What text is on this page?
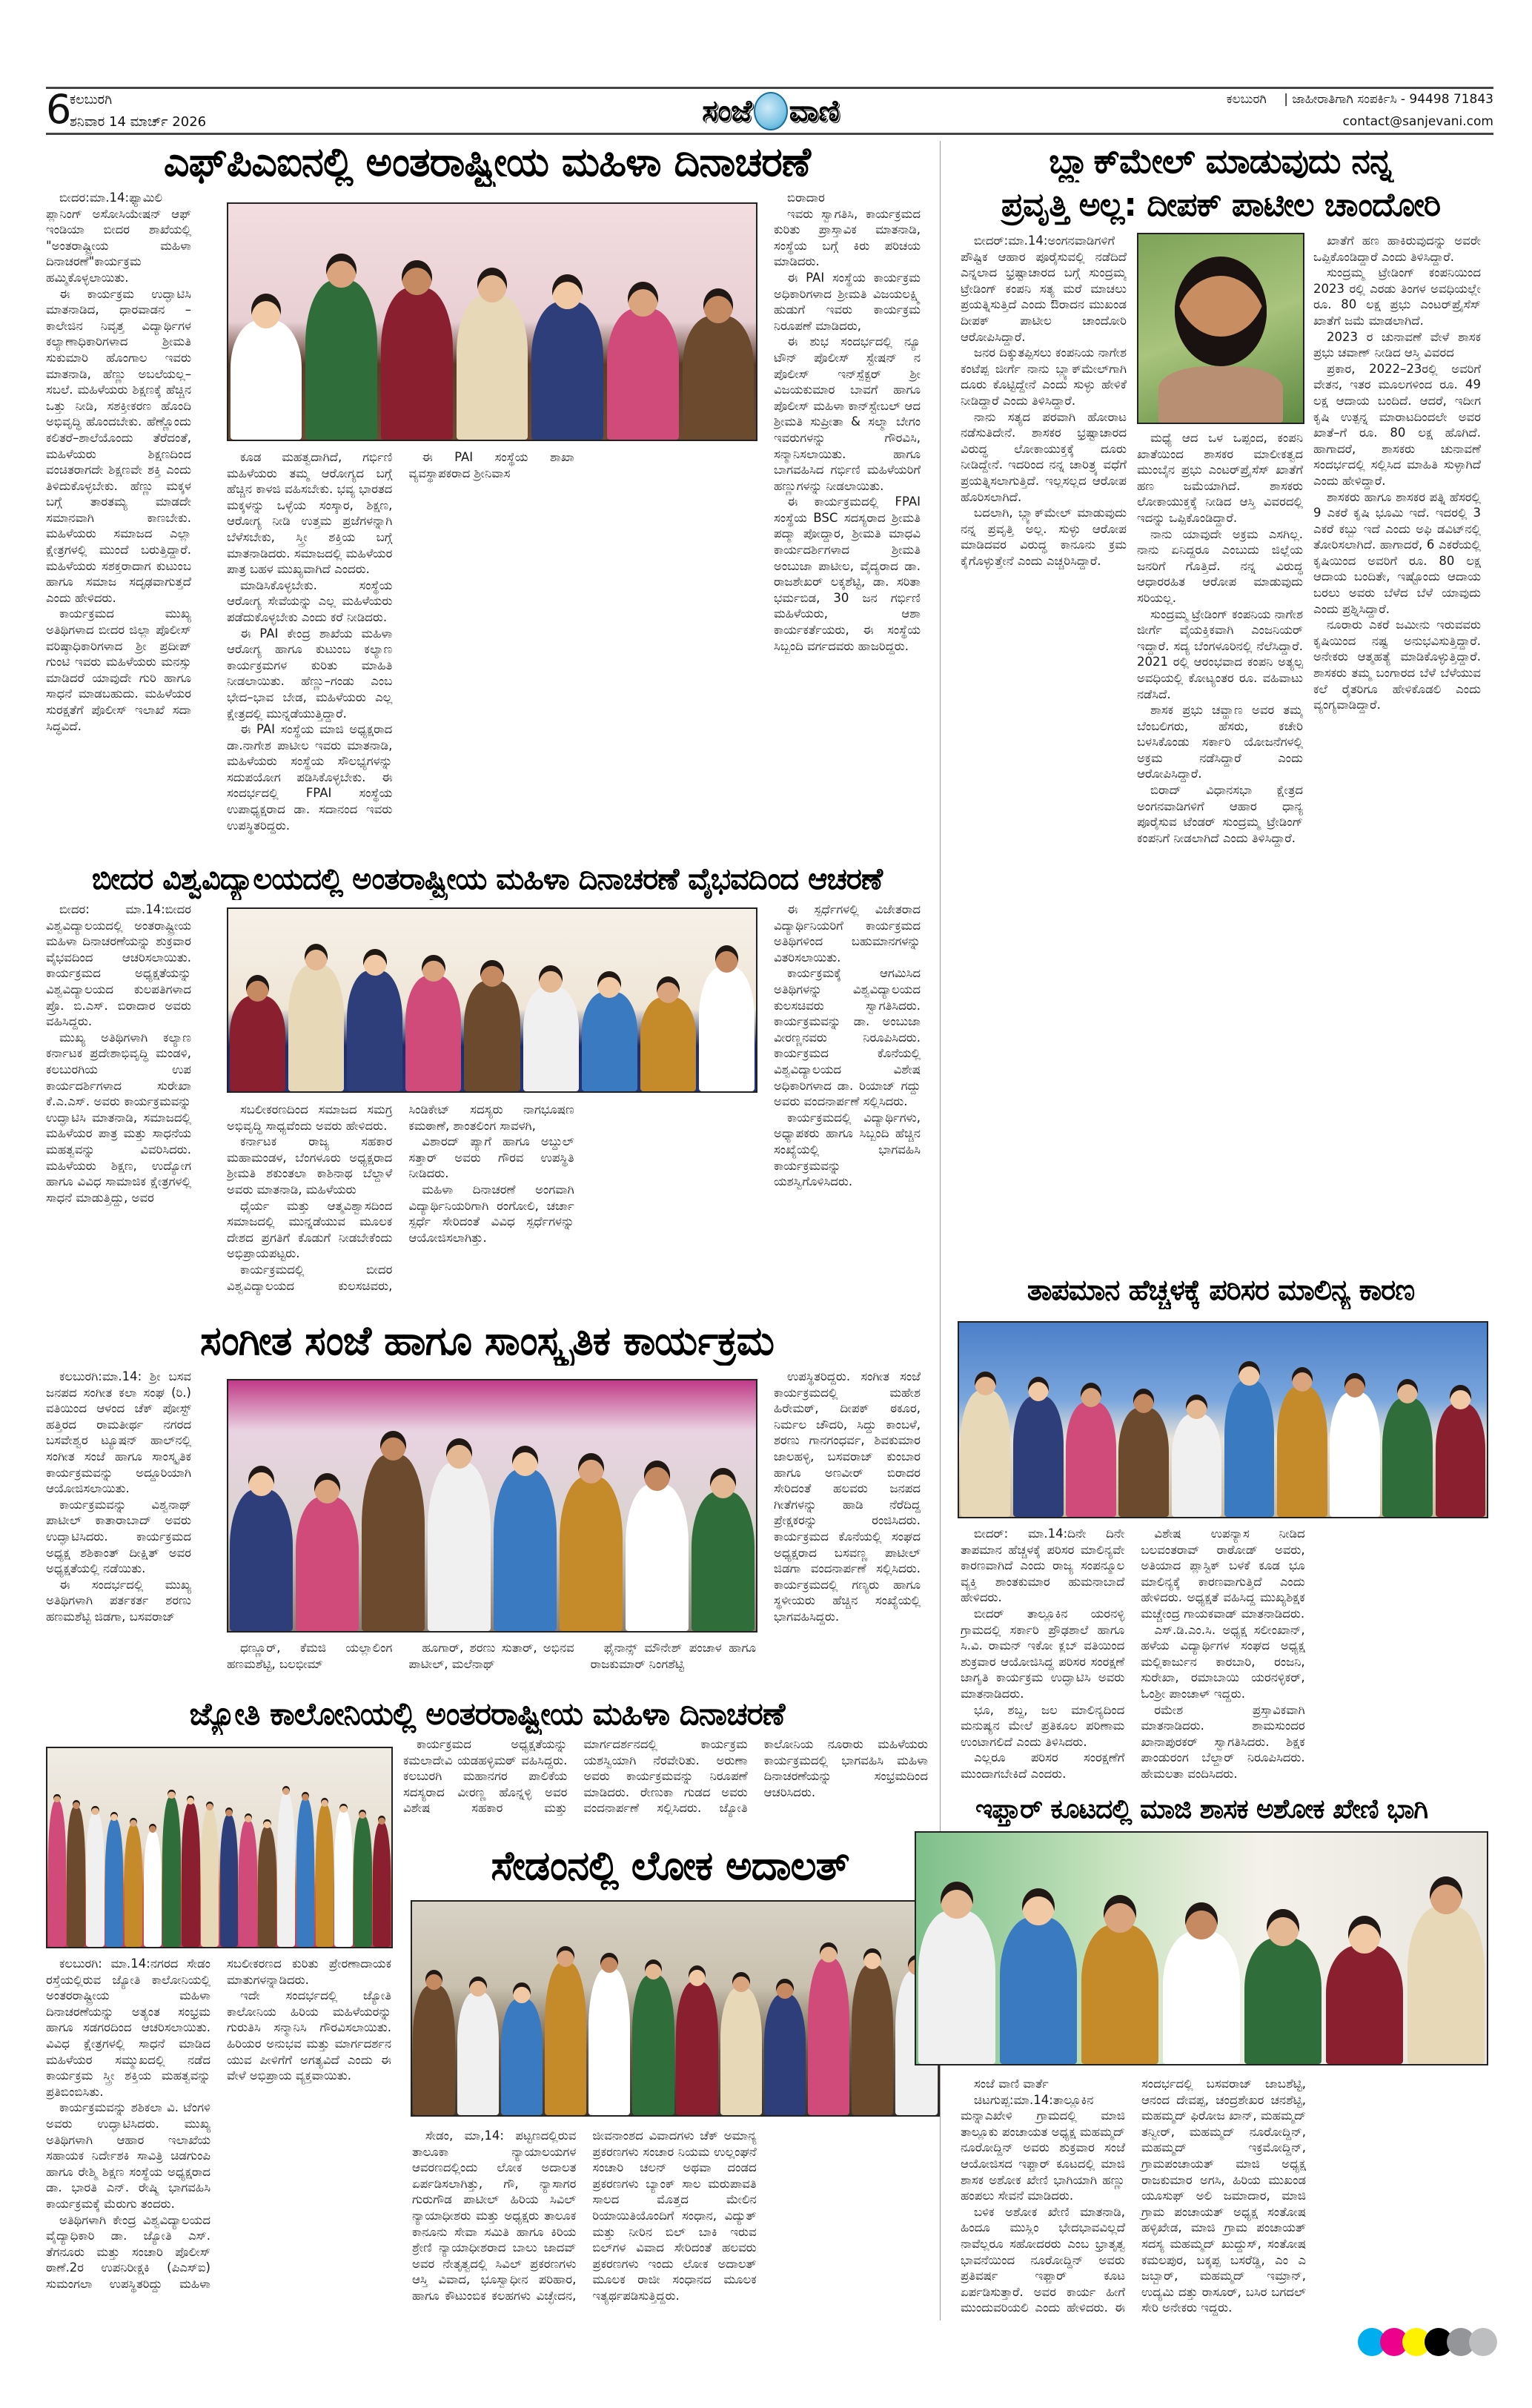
6
ಕಲಬುರಗಿ
ಶನಿವಾರ 14 ಮಾರ್ಚ್ 2026	ಸಂಜೆ ವಾಣಿ	ಕಲಬುರಗಿ | ಜಾಹೀರಾತಿಗಾಗಿ ಸಂಪರ್ಕಿಸಿ - 94498 71843
contact@sanjevani.com
ಎಫ್‌ಪಿಎಐನಲ್ಲಿ ಅಂತರಾಷ್ಟ್ರೀಯ ಮಹಿಳಾ ದಿನಾಚರಣೆ

ಬೀದರ:ಮಾ.14:ಫ್ಯಾಮಿಲಿ ಪ್ಲಾನಿಂಗ್ ಅಸೋಸಿಯೇಷನ್ ಆಫ್ ಇಂಡಿಯಾ ಬೀದರ ಶಾಖೆಯಲ್ಲಿ "ಅಂತರಾಷ್ಟ್ರೀಯ ಮಹಿಳಾ ದಿನಾಚರಣೆ"ಕಾರ್ಯಕ್ರಮ ಹಮ್ಮಿಕೊಳ್ಳಲಾಯಿತು.

ಈ ಕಾರ್ಯಕ್ರಮ ಉದ್ಘಾಟಿಸಿ ಮಾತನಾಡಿದ, ಧಾರವಾಡನ – ಕಾಲೇಜಿನ ನಿವೃತ್ತ ವಿದ್ಯಾರ್ಥಿಗಳ ಕಲ್ಯಾಣಾಧಿಕಾರಿಗಳಾದ ಶ್ರೀಮತಿ ಸುಕುಮಾರಿ ಹೊಂಗಾಲ ಇವರು ಮಾತನಾಡಿ, ಹೆಣ್ಣು ಅಬಲೆಯಲ್ಲ– ಸಬಲೆ. ಮಹಿಳೆಯರು ಶಿಕ್ಷಣಕ್ಕೆ ಹೆಚ್ಚಿನ ಒತ್ತು ನೀಡಿ, ಸಶಕ್ತೀಕರಣ ಹೊಂದಿ ಅಭಿವೃದ್ಧಿ ಹೊಂದಬೇಕು. ಹೆಣ್ಣೊಂದು ಕಲಿತರೆ–ಶಾಲೆಯೊಂದು ತೆರೆದಂತೆ, ಮಹಿಳೆಯರು ಶಿಕ್ಷಣದಿಂದ ವಂಚಿತರಾಗದೇ ಶಿಕ್ಷಣವೇ ಶಕ್ತಿ ಎಂದು ತಿಳಿದುಕೊಳ್ಳಬೇಕು. ಹೆಣ್ಣು ಮಕ್ಕಳ ಬಗ್ಗೆ ತಾರತಮ್ಯ ಮಾಡದೇ ಸಮಾನವಾಗಿ ಕಾಣಬೇಕು. ಮಹಿಳೆಯರು ಸಮಾಜದ ಎಲ್ಲಾ ಕ್ಷೇತ್ರಗಳಲ್ಲಿ ಮುಂದೆ ಬರುತ್ತಿದ್ದಾರೆ. ಮಹಿಳೆಯರು ಸಶಕ್ತರಾದಾಗ ಕುಟುಂಬ ಹಾಗೂ ಸಮಾಜ ಸದೃಢವಾಗುತ್ತದೆ ಎಂದು ಹೇಳಿದರು.

ಕಾರ್ಯಕ್ರಮದ ಮುಖ್ಯ ಅತಿಥಿಗಳಾದ ಬೀದರ ಜಿಲ್ಲಾ ಪೊಲೀಸ್ ವರಿಷ್ಠಾಧಿಕಾರಿಗಳಾದ ಶ್ರೀ ಪ್ರದೀಪ್ ಗುಂಟಿ ಇವರು ಮಹಿಳೆಯರು ಮನಸ್ಸು ಮಾಡಿದರೆ ಯಾವುದೇ ಗುರಿ ಹಾಗೂ ಸಾಧನೆ ಮಾಡಬಹುದು. ಮಹಿಳೆಯರ ಸುರಕ್ಷತೆಗೆ ಪೊಲೀಸ್ ಇಲಾಖೆ ಸದಾ ಸಿದ್ಧವಿದೆ.

ಕೂಡ ಮಹತ್ವದಾಗಿದೆ, ಗರ್ಭಿಣಿ ಮಹಿಳೆಯರು ತಮ್ಮ ಆರೋಗ್ಯದ ಬಗ್ಗೆ ಹೆಚ್ಚಿನ ಕಾಳಜಿ ವಹಿಸಬೇಕು. ಭವ್ಯ ಭಾರತದ ಮಕ್ಕಳನ್ನು ಒಳ್ಳೆಯ ಸಂಸ್ಕಾರ, ಶಿಕ್ಷಣ, ಆರೋಗ್ಯ ನೀಡಿ ಉತ್ತಮ ಪ್ರಜೆಗಳನ್ನಾಗಿ ಬೆಳೆಸಬೇಕು, ಸ್ತ್ರೀ ಶಕ್ತಿಯ ಬಗ್ಗೆ ಮಾತನಾಡಿದರು. ಸಮಾಜದಲ್ಲಿ ಮಹಿಳೆಯರ ಪಾತ್ರ ಬಹಳ ಮುಖ್ಯವಾಗಿದೆ ಎಂದರು.

ಮಾಡಿಸಿಕೊಳ್ಳಬೇಕು. ಸಂಸ್ಥೆಯ ಆರೋಗ್ಯ ಸೇವೆಯನ್ನು ಎಲ್ಲ ಮಹಿಳೆಯರು ಪಡೆದುಕೊಳ್ಳಬೇಕು ಎಂದು ಕರೆ ನೀಡಿದರು.

ಈ PAI ಕೇಂದ್ರ ಶಾಖೆಯ ಮಹಿಳಾ ಆರೋಗ್ಯ ಹಾಗೂ ಕುಟುಂಬ ಕಲ್ಯಾಣ ಕಾರ್ಯಕ್ರಮಗಳ ಕುರಿತು ಮಾಹಿತಿ ನೀಡಲಾಯಿತು. ಹೆಣ್ಣು–ಗಂಡು ಎಂಬ ಭೇದ–ಭಾವ ಬೇಡ, ಮಹಿಳೆಯರು ಎಲ್ಲ ಕ್ಷೇತ್ರದಲ್ಲಿ ಮುನ್ನಡೆಯುತ್ತಿದ್ದಾರೆ.

ಈ PAI ಸಂಸ್ಥೆಯ ಮಾಜಿ ಅಧ್ಯಕ್ಷರಾದ ಡಾ.ನಾಗೇಶ ಪಾಟೀಲ ಇವರು ಮಾತನಾಡಿ, ಮಹಿಳೆಯರು ಸಂಸ್ಥೆಯ ಸೌಲಭ್ಯಗಳನ್ನು ಸದುಪಯೋಗ ಪಡಿಸಿಕೊಳ್ಳಬೇಕು. ಈ ಸಂದರ್ಭದಲ್ಲಿ FPAI ಸಂಸ್ಥೆಯ ಉಪಾಧ್ಯಕ್ಷರಾದ ಡಾ. ಸದಾನಂದ ಇವರು ಉಪಸ್ಥಿತರಿದ್ದರು.

ಈ PAI ಸಂಸ್ಥೆಯ ಶಾಖಾ ವ್ಯವಸ್ಥಾಪಕರಾದ ಶ್ರೀನಿವಾಸ

ಬಿರಾದಾರ

ಇವರು ಸ್ವಾಗತಿಸಿ, ಕಾರ್ಯಕ್ರಮದ ಕುರಿತು ಪ್ರಾಸ್ತಾವಿಕ ಮಾತನಾಡಿ, ಸಂಸ್ಥೆಯ ಬಗ್ಗೆ ಕಿರು ಪರಿಚಯ ಮಾಡಿದರು.

ಈ PAI ಸಂಸ್ಥೆಯ ಕಾರ್ಯಕ್ರಮ ಅಧಿಕಾರಿಗಳಾದ ಶ್ರೀಮತಿ ವಿಜಯಲಕ್ಷ್ಮಿ ಹುಡುಗೆ ಇವರು ಕಾರ್ಯಕ್ರಮ ನಿರೂಪಣೆ ಮಾಡಿದರು,

ಈ ಶುಭ ಸಂದರ್ಭದಲ್ಲಿ ನ್ಯೂ ಟೌನ್ ಪೊಲೀಸ್ ಸ್ಟೇಷನ್ ನ ಪೊಲೀಸ್ ಇನ್‌ಸ್ಪೆಕ್ಟರ್ ಶ್ರೀ ವಿಜಯಕುಮಾರ ಬಾವಗೆ ಹಾಗೂ ಪೊಲೀಸ್ ಮಹಿಳಾ ಕಾನ್‌ಸ್ಟೇಬಲ್ ಆದ ಶ್ರೀಮತಿ ಸುಪ್ರೀತಾ & ಸಲ್ಮಾ ಬೇಗಂ ಇವರುಗಳನ್ನು ಗೌರವಿಸಿ, ಸನ್ಮಾನಿಸಲಾಯಿತು. ಹಾಗೂ ಬಾಗವಹಿಸಿದ ಗರ್ಭಿಣಿ ಮಹಿಳೆಯರಿಗೆ ಹಣ್ಣುಗಳನ್ನು ನೀಡಲಾಯಿತು.

ಈ ಕಾರ್ಯಕ್ರಮದಲ್ಲಿ FPAI ಸಂಸ್ಥೆಯ BSC ಸದಸ್ಯರಾದ ಶ್ರೀಮತಿ ಪದ್ಮಾ ಪೋದ್ದಾರ, ಶ್ರೀಮತಿ ಮಾಧವಿ ಕಾರ್ಯದರ್ಶಿಗಳಾದ ಶ್ರೀಮತಿ ಅಂಬುಜಾ ಪಾಟೀಲ, ವೈದ್ಯರಾದ ಡಾ. ರಾಜಶೇಖರ್ ಲಕ್ಕಶೆಟ್ಟಿ, ಡಾ. ಸರಿತಾ ಭರ್ಮಬಿಡ, 30 ಜನ ಗರ್ಭಿಣಿ ಮಹಿಳೆಯರು, ಆಶಾ ಕಾರ್ಯಕರ್ತೆಯರು, ಈ ಸಂಸ್ಥೆಯ ಸಿಬ್ಬಂದಿ ವರ್ಗದವರು ಹಾಜರಿದ್ದರು.

ಬ್ಲ್ಯಾಕ್‌ಮೇಲ್ ಮಾಡುವುದು ನನ್ನ
ಪ್ರವೃತ್ತಿ ಅಲ್ಲ: ದೀಪಕ್ ಪಾಟೀಲ ಚಾಂದೋರಿ

ಬೀದರ್:ಮಾ.14:ಅಂಗನವಾಡಿಗಳಿಗೆ ಪೌಷ್ಟಿಕ ಆಹಾರ ಪೂರೈಸುವಲ್ಲಿ ನಡೆದಿದೆ ಎನ್ನಲಾದ ಭ್ರಷ್ಟಾಚಾರದ ಬಗ್ಗೆ ಸುಂದ್ರಮ್ಮ ಟ್ರೇಡಿಂಗ್ ಕಂಪನಿ ಸತ್ಯ ಮರೆ ಮಾಚಲು ಪ್ರಯತ್ನಿಸುತ್ತಿದೆ ಎಂದು ಔರಾದನ ಮುಖಂಡ ದೀಪಕ್ ಪಾಟೀಲ ಚಾಂದೋರಿ ಆರೋಪಿಸಿದ್ದಾರೆ.

ಜನರ ದಿಕ್ಕುತಪ್ಪಿಸಲು ಕಂಪನಿಯ ನಾಗೇಶ ಕಂಟೆಪ್ಪ ಜೀರ್ಗೆ ನಾನು ಬ್ಲ್ಯಾಕ್‌ಮೇಲ್‌ಗಾಗಿ ದೂರು ಕೊಟ್ಟಿದ್ದೇನೆ ಎಂದು ಸುಳ್ಳು ಹೇಳಿಕೆ ನೀಡಿದ್ದಾರೆ ಎಂದು ತಿಳಿಸಿದ್ದಾರೆ.

ನಾನು ಸತ್ಯದ ಪರವಾಗಿ ಹೋರಾಟ ನಡೆಸುತಿದೇನೆ. ಶಾಸಕರ ಭ್ರಷ್ಟಾಚಾರದ ವಿರುದ್ಧ ಲೋಕಾಯುಕ್ತಕ್ಕೆ ದೂರು ನೀಡಿದ್ದೇನೆ. ಇದರಿಂದ ನನ್ನ ಚಾರಿತ್ರ್ಯ ವಧೆಗೆ ಪ್ರಯತ್ನಿಸಲಾಗುತ್ತಿದೆ. ಇಲ್ಲಸಲ್ಲದ ಆರೋಪ ಹೊರಿಸಲಾಗಿದೆ.

ಬದಲಾಗಿ, ಬ್ಲ್ಯಾಕ್‌ಮೇಲ್ ಮಾಡುವುದು ನನ್ನ ಪ್ರವೃತ್ತಿ ಅಲ್ಲ. ಸುಳ್ಳು ಆರೋಪ ಮಾಡಿದವರ ವಿರುದ್ಧ ಕಾನೂನು ಕ್ರಮ ಕೈಗೊಳ್ಳುತ್ತೇನೆ ಎಂದು ಎಚ್ಚರಿಸಿದ್ದಾರೆ.

ಮಧ್ಯೆ ಆದ ಒಳ ಒಪ್ಪಂದ, ಕಂಪನಿ ಖಾತೆಯಿಂದ ಶಾಸಕರ ಮಾಲೀಕತ್ವದ ಮುಂಬೈನ ಪ್ರಭು ಎಂಟರ್‌ಪ್ರೈಸೆಸ್ ಖಾತೆಗೆ ಹಣ ಜಮೆಯಾಗಿದೆ. ಶಾಸಕರು ಲೋಕಾಯುಕ್ತಕ್ಕೆ ನೀಡಿದ ಆಸ್ತಿ ವಿವರದಲ್ಲಿ ಇದನ್ನು ಒಪ್ಪಿಕೊಂಡಿದ್ದಾರೆ.

ನಾನು ಯಾವುದೇ ಅಕ್ರಮ ಎಸಗಿಲ್ಲ. ನಾನು ಏನಿದ್ದರೂ ಎಂಬುದು ಜಿಲ್ಲೆಯ ಜನರಿಗೆ ಗೊತ್ತಿದೆ. ನನ್ನ ವಿರುದ್ಧ ಆಧಾರರಹಿತ ಆರೋಪ ಮಾಡುವುದು ಸರಿಯಲ್ಲ.

ಸುಂದ್ರಮ್ಮ ಟ್ರೇಡಿಂಗ್ ಕಂಪನಿಯ ನಾಗೇಶ ಜೀರ್ಗೆ ವೈಯಕ್ತಿಕವಾಗಿ ಎಂಜನಿಯರ್ ಇದ್ದಾರೆ. ಸದ್ಯ ಬೆಂಗಳೂರಿನಲ್ಲಿ ನೆಲೆಸಿದ್ದಾರೆ. 2021 ರಲ್ಲಿ ಆರಂಭವಾದ ಕಂಪನಿ ಅತ್ಯಲ್ಪ ಅವಧಿಯಲ್ಲಿ ಕೋಟ್ಯಂತರ ರೂ. ವಹಿವಾಟು ನಡೆಸಿದೆ.

ಶಾಸಕ ಪ್ರಭು ಚವ್ಹಾಣ ಅವರ ತಮ್ಮ ಬೆಂಬಲಿಗರು, ಹೆಸರು, ಕಚೇರಿ ಬಳಸಿಕೊಂಡು ಸರ್ಕಾರಿ ಯೋಜನೆಗಳಲ್ಲಿ ಅಕ್ರಮ ನಡೆಸಿದ್ದಾರೆ ಎಂದು ಆರೋಪಿಸಿದ್ದಾರೆ.

ಬಿರಾದ್ ವಿಧಾನಸಭಾ ಕ್ಷೇತ್ರದ ಅಂಗನವಾಡಿಗಳಿಗೆ ಆಹಾರ ಧಾನ್ಯ ಪೂರೈಸುವ ಟೆಂಡರ್ ಸುಂದ್ರಮ್ಮ ಟ್ರೇಡಿಂಗ್ ಕಂಪನಿಗೆ ನೀಡಲಾಗಿದೆ ಎಂದು ತಿಳಿಸಿದ್ದಾರೆ.

ಖಾತೆಗೆ ಹಣ ಹಾಕಿರುವುದನ್ನು ಅವರೇ ಒಪ್ಪಿಕೊಂಡಿದ್ದಾರೆ ಎಂದು ತಿಳಿಸಿದ್ದಾರೆ.

ಸುಂದ್ರಮ್ಮ ಟ್ರೇಡಿಂಗ್ ಕಂಪನಿಯಿಂದ 2023 ರಲ್ಲಿ ಎರಡು ತಿಂಗಳ ಅವಧಿಯಲ್ಲೇ ರೂ. 80 ಲಕ್ಷ ಪ್ರಭು ಎಂಟರ್‌ಪ್ರೈಸೆಸ್ ಖಾತೆಗೆ ಜಮೆ ಮಾಡಲಾಗಿದೆ.

2023 ರ ಚುನಾವಣೆ ವೇಳೆ ಶಾಸಕ ಪ್ರಭು ಚವಾಣ್ ನೀಡಿದ ಆಸ್ತಿ ವಿವರದ

ಪ್ರಕಾರ, 2022–23ರಲ್ಲಿ ಅವರಿಗೆ ವೇತನ, ಇತರ ಮೂಲಗಳಿಂದ ರೂ. 49 ಲಕ್ಷ ಆದಾಯ ಬಂದಿದೆ. ಆದರೆ, ಇದೀಗ ಕೃಷಿ ಉತ್ಪನ್ನ ಮಾರಾಟದಿಂದಲೇ ಅವರ ಖಾತೆ–ಗೆ ರೂ. 80 ಲಕ್ಷ ಹೊಗಿದೆ. ಹಾಗಾದರೆ, ಶಾಸಕರು ಚುನಾವಣೆ ಸಂದರ್ಭದಲ್ಲಿ ಸಲ್ಲಿಸಿದ ಮಾಹಿತಿ ಸುಳ್ಳಾಗಿದೆ ಎಂದು ಹೇಳಿದ್ದಾರೆ.

ಶಾಸಕರು ಹಾಗೂ ಶಾಸಕರ ಪತ್ನಿ ಹೆಸರಲ್ಲಿ 9 ಎಕರೆ ಕೃಷಿ ಭೂಮಿ ಇದೆ. ಇದರಲ್ಲಿ 3 ಎಕರೆ ಕಬ್ಬು ಇದೆ ಎಂದು ಅಫಿ ಡವಿಟ್‌ನಲ್ಲಿ ತೋರಿಸಲಾಗಿದೆ. ಹಾಗಾದರೆ, 6 ಎಕರೆಯಲ್ಲಿ ಕೃಷಿಯಿಂದ ಅವರಿಗೆ ರೂ. 80 ಲಕ್ಷ ಆದಾಯ ಬಂದಿತೇ, ಇಷ್ಟೊಂದು ಆದಾಯ ಬರಲು ಅವರು ಬೆಳೆದ ಬೆಳೆ ಯಾವುದು ಎಂದು ಪ್ರಶ್ನಿಸಿದ್ದಾರೆ.

ನೂರಾರು ಎಕರೆ ಜಮೀನು ಇರುವವರು ಕೃಷಿಯಿಂದ ನಷ್ಟ ಅನುಭವಿಸುತ್ತಿದ್ದಾರೆ. ಅನೇಕರು ಆತ್ಮಹತ್ಯೆ ಮಾಡಿಕೊಳ್ಳುತ್ತಿದ್ದಾರೆ. ಶಾಸಕರು ತಮ್ಮ ಬಂಗಾರದ ಬೆಳೆ ಬೆಳೆಯುವ ಕಲೆ ರೈತರಿಗೂ ಹೇಳಿಕೊಡಲಿ ಎಂದು ವ್ಯಂಗ್ಯವಾಡಿದ್ದಾರೆ.

ಬೀದರ ವಿಶ್ವವಿದ್ಯಾಲಯದಲ್ಲಿ ಅಂತರಾಷ್ಟ್ರೀಯ ಮಹಿಳಾ ದಿನಾಚರಣೆ ವೈಭವದಿಂದ ಆಚರಣೆ

ಬೀದರ: ಮಾ.14:ಬೀದರ ವಿಶ್ವವಿದ್ಯಾಲಯದಲ್ಲಿ ಅಂತರಾಷ್ಟ್ರೀಯ ಮಹಿಳಾ ದಿನಾಚರಣೆಯನ್ನು ಶುಕ್ರವಾರ ವೈಭವದಿಂದ ಆಚರಿಸಲಾಯಿತು. ಕಾರ್ಯಕ್ರಮದ ಅಧ್ಯಕ್ಷತೆಯನ್ನು ವಿಶ್ವವಿದ್ಯಾಲಯದ ಕುಲಪತಿಗಳಾದ ಪ್ರೊ. ಬಿ.ಎಸ್. ಬಿರಾದಾರ ಅವರು ವಹಿಸಿದ್ದರು.

ಮುಖ್ಯ ಅತಿಥಿಗಳಾಗಿ ಕಲ್ಯಾಣ ಕರ್ನಾಟಕ ಪ್ರದೇಶಾಭಿವೃದ್ಧಿ ಮಂಡಳಿ, ಕಲಬುರಗಿಯ ಉಪ ಕಾರ್ಯದರ್ಶಿಗಳಾದ ಸುರೇಖಾ ಕೆ.ಎ.ಎಸ್. ಅವರು ಕಾರ್ಯಕ್ರಮವನ್ನು ಉದ್ಘಾಟಿಸಿ ಮಾತನಾಡಿ, ಸಮಾಜದಲ್ಲಿ ಮಹಿಳೆಯರ ಪಾತ್ರ ಮತ್ತು ಸಾಧನೆಯ ಮಹತ್ವವನ್ನು ವಿವರಿಸಿದರು. ಮಹಿಳೆಯರು ಶಿಕ್ಷಣ, ಉದ್ಯೋಗ ಹಾಗೂ ವಿವಿಧ ಸಾಮಾಜಿಕ ಕ್ಷೇತ್ರಗಳಲ್ಲಿ ಸಾಧನೆ ಮಾಡುತ್ತಿದ್ದು, ಅವರ

ಸಬಲೀಕರಣದಿಂದ ಸಮಾಜದ ಸಮಗ್ರ ಅಭಿವೃದ್ಧಿ ಸಾಧ್ಯವೆಂದು ಅವರು ಹೇಳಿದರು.

ಕರ್ನಾಟಕ ರಾಜ್ಯ ಸಹಕಾರ ಮಹಾಮಂಡಳ, ಬೆಂಗಳೂರು ಅಧ್ಯಕ್ಷರಾದ ಶ್ರೀಮತಿ ಶಕುಂತಲಾ ಕಾಶಿನಾಥ ಬೆಲ್ದಾಳೆ ಅವರು ಮಾತನಾಡಿ, ಮಹಿಳೆಯರು

ಧೈರ್ಯ ಮತ್ತು ಆತ್ಮವಿಶ್ವಾಸದಿಂದ ಸಮಾಜದಲ್ಲಿ ಮುನ್ನಡೆಯುವ ಮೂಲಕ ದೇಶದ ಪ್ರಗತಿಗೆ ಕೊಡುಗೆ ನೀಡಬೇಕೆಂದು ಅಭಿಪ್ರಾಯಪಟ್ಟರು.

ಕಾರ್ಯಕ್ರಮದಲ್ಲಿ ಬೀದರ ವಿಶ್ವವಿದ್ಯಾಲಯದ ಕುಲಸಚಿವರು, ಸಿಂಡಿಕೇಟ್ ಸದಸ್ಯರು ನಾಗಭೂಷಣ ಕಮಠಾಣೆ, ಶಾಂತಲಿಂಗ ಸಾವಳಗಿ,

ವಿಶಾರದ್ ಪ್ಯಾಗೆ ಹಾಗೂ ಅಬ್ದುಲ್ ಸತ್ತಾರ್ ಅವರು ಗೌರವ ಉಪಸ್ಥಿತಿ ನೀಡಿದರು.

ಮಹಿಳಾ ದಿನಾಚರಣೆ ಅಂಗವಾಗಿ ವಿದ್ಯಾರ್ಥಿನಿಯರಿಗಾಗಿ ರಂಗೋಲಿ, ಚರ್ಚಾ ಸ್ಪರ್ಧೆ ಸೇರಿದಂತೆ ವಿವಿಧ ಸ್ಪರ್ಧೆಗಳನ್ನು ಆಯೋಜಿಸಲಾಗಿತ್ತು.

ಈ ಸ್ಪರ್ಧೆಗಳಲ್ಲಿ ವಿಜೇತರಾದ ವಿದ್ಯಾರ್ಥಿನಿಯರಿಗೆ ಕಾರ್ಯಕ್ರಮದ ಅತಿಥಿಗಳಿಂದ ಬಹುಮಾನಗಳನ್ನು ವಿತರಿಸಲಾಯಿತು.

ಕಾರ್ಯಕ್ರಮಕ್ಕೆ ಆಗಮಿಸಿದ ಅತಿಥಿಗಳನ್ನು ವಿಶ್ವವಿದ್ಯಾಲಯದ ಕುಲಸಚಿವರು ಸ್ವಾಗತಿಸಿದರು. ಕಾರ್ಯಕ್ರಮವನ್ನು ಡಾ. ಅಂಬುಜಾ ವೀರಣ್ಣನವರು ನಿರೂಪಿಸಿದರು. ಕಾರ್ಯಕ್ರಮದ ಕೊನೆಯಲ್ಲಿ ವಿಶ್ವವಿದ್ಯಾಲಯದ ವಿಶೇಷ ಅಧಿಕಾರಿಗಳಾದ ಡಾ. ರಿಯಾಜ್ ಗದ್ದು ಅವರು ವಂದನಾರ್ಪಣೆ ಸಲ್ಲಿಸಿದರು.

ಕಾರ್ಯಕ್ರಮದಲ್ಲಿ ವಿದ್ಯಾರ್ಥಿಗಳು, ಅಧ್ಯಾಪಕರು ಹಾಗೂ ಸಿಬ್ಬಂದಿ ಹೆಚ್ಚಿನ ಸಂಖ್ಯೆಯಲ್ಲಿ ಭಾಗವಹಿಸಿ ಕಾರ್ಯಕ್ರಮವನ್ನು ಯಶಸ್ವಿಗೊಳಿಸಿದರು.

ತಾಪಮಾನ ಹೆಚ್ಚಳಕ್ಕೆ ಪರಿಸರ ಮಾಲಿನ್ಯ ಕಾರಣ

ಬೀದರ್: ಮಾ.14:ದಿನೇ ದಿನೇ ತಾಪಮಾನ ಹೆಚ್ಚಳಕ್ಕೆ ಪರಿಸರ ಮಾಲಿನ್ಯವೇ ಕಾರಣವಾಗಿದೆ ಎಂದು ರಾಜ್ಯ ಸಂಪನ್ಮೂಲ ವ್ಯಕ್ತಿ ಶಾಂತಕುಮಾರ ಹುಮನಾಬಾದೆ ಹೇಳಿದರು.

ಬೀದರ್ ತಾಲ್ಲೂಕಿನ ಯರನಳ್ಳಿ ಗ್ರಾಮದಲ್ಲಿ ಸರ್ಕಾರಿ ಪ್ರೌಢಶಾಲೆ ಹಾಗೂ ಸಿ.ವಿ. ರಾಮನ್ ಇಕೋ ಕ್ಲಬ್ ವತಿಯಿಂದ ಶುಕ್ರವಾರ ಆಯೋಜಿಸಿದ್ದ ಪರಿಸರ ಸಂರಕ್ಷಣೆ ಜಾಗೃತಿ ಕಾರ್ಯಕ್ರಮ ಉದ್ಘಾಟಿಸಿ ಅವರು ಮಾತನಾಡಿದರು.

ಭೂ, ಶಬ್ದ, ಜಲ ಮಾಲಿನ್ಯದಿಂದ ಮನುಷ್ಯನ ಮೇಲೆ ಪ್ರತಿಕೂಲ ಪರಿಣಾಮ ಉಂಟಾಗಲಿದೆ ಎಂದು ತಿಳಿಸಿದರು.

ಎಲ್ಲರೂ ಪರಿಸರ ಸಂರಕ್ಷಣೆಗೆ ಮುಂದಾಗಬೇಕಿದೆ ಎಂದರು.

ವಿಶೇಷ ಉಪನ್ಯಾಸ ನೀಡಿದ ಬಲವಂತರಾವ್ ರಾಠೋಡ್ ಅವರು, ಅತಿಯಾದ ಪ್ಲಾಸ್ಟಿಕ್ ಬಳಕೆ ಕೂಡ ಭೂ ಮಾಲಿನ್ಯಕ್ಕೆ ಕಾರಣವಾಗುತ್ತಿದೆ ಎಂದು ಹೇಳಿದರು. ಅಧ್ಯಕ್ಷತೆ ವಹಿಸಿದ್ದ ಮುಖ್ಯಶಿಕ್ಷಕ ಮಚ್ಚೇಂದ್ರ ಗಾಯಕವಾಡ್ ಮಾತನಾಡಿದರು.

ಎಸ್.ಡಿ.ಎಂ.ಸಿ. ಅಧ್ಯಕ್ಷ ಸಲೀಂಖಾನ್, ಹಳೆಯ ವಿದ್ಯಾರ್ಥಿಗಳ ಸಂಘದ ಅಧ್ಯಕ್ಷ ಮಲ್ಲಿಕಾರ್ಜುನ ಕಾರಬಾರಿ, ರಂಜನಿ, ಸುರೇಖಾ, ರಮಾಬಾಯಿ ಯರನಳ್ಳಿಕರ್, ಓಂಶ್ರೀ ಪಾಂಚಾಳ್ ಇದ್ದರು.

ರಮೇಶ ಪ್ರಸ್ತಾವಿಕವಾಗಿ ಮಾತನಾಡಿದರು. ಶಾಮಸುಂದರ ಖಾನಾಪುರಕರ್ ಸ್ವಾಗತಿಸಿದರು. ಶಿಕ್ಷಕ ಪಾಂಡುರಂಗ ಬೆಲ್ದಾರ್ ನಿರೂಪಿಸಿದರು. ಹೇಮಲತಾ ವಂದಿಸಿದರು.

ಸಂಗೀತ ಸಂಜೆ ಹಾಗೂ ಸಾಂಸ್ಕೃತಿಕ ಕಾರ್ಯಕ್ರಮ

ಕಲಬುರಗಿ:ಮಾ.14: ಶ್ರೀ ಬಸವ ಜನಪದ ಸಂಗೀತ ಕಲಾ ಸಂಘ (ರಿ.) ವತಿಯಿಂದ ಆಳಂದ ಚೆಕ್ ಪೋಸ್ಟ್ ಹತ್ತಿರದ ರಾಮತೀರ್ಥ ನಗರದ ಬಸವೇಶ್ವರ ಟ್ಯೂಷನ್ ಹಾಲ್‌ನಲ್ಲಿ ಸಂಗೀತ ಸಂಜೆ ಹಾಗೂ ಸಾಂಸ್ಕೃತಿಕ ಕಾರ್ಯಕ್ರಮವನ್ನು ಅದ್ದೂರಿಯಾಗಿ ಆಯೋಜಿಸಲಾಯಿತು.

ಕಾರ್ಯಕ್ರಮವನ್ನು ವಿಶ್ವನಾಥ್ ಪಾಟೀಲ್ ಕಾತಾರಾಬಾದ್ ಅವರು ಉದ್ಘಾಟಿಸಿದರು. ಕಾರ್ಯಕ್ರಮದ ಅಧ್ಯಕ್ಷ ಶಶಿಕಾಂತ್ ದೀಕ್ಷಿತ್ ಅವರ ಅಧ್ಯಕ್ಷತೆಯಲ್ಲಿ ನಡೆಯಿತು.

ಈ ಸಂದರ್ಭದಲ್ಲಿ ಮುಖ್ಯ ಅತಿಥಿಗಳಾಗಿ ಪರ್ತಕರ್ತ ಶರಣು ಹಣಮಶೆಟ್ಟಿ ಜಿಡಗಾ, ಬಸವರಾಜ್

ಧಣ್ಣೂರ್, ಕೆಮಜಿ ಯಲ್ಲಾಲಿಂಗ ಹಣಮಶೆಟ್ಟಿ, ಬಲಭೀಮ್

ಹೂಗಾರ್, ಶರಣು ಸುತಾರ್, ಅಭಿನವ ಪಾಟೀಲ್, ಮಲೆನಾಥ್

ಫೈನಾನ್ಸ್ ಮೌನೇಶ್ ಪಂಚಾಳ ಹಾಗೂ ರಾಜಕುಮಾರ್ ನಿಂಗಶೆಟ್ಟಿ

ಉಪಸ್ಥಿತರಿದ್ದರು. ಸಂಗೀತ ಸಂಜೆ ಕಾರ್ಯಕ್ರಮದಲ್ಲಿ ಮಹೇಶ ಹಿರೇಮಠ್, ದೀಪಕ್ ಠಕೂರ, ನಿರ್ಮಲ ಚೌದರಿ, ಸಿದ್ದು ಕಾಂಬಳೆ, ಶರಣು ಗಾನಗಂಧರ್ವ, ಶಿವಕುಮಾರ ಜಾಲಹಳ್ಳಿ, ಬಸವರಾಜ್ ಕುಂಬಾರ ಹಾಗೂ ಅಣವೀರ್ ಬಿರಾದರ ಸೇರಿದಂತೆ ಹಲವರು ಜನಪದ ಗೀತೆಗಳನ್ನು ಹಾಡಿ ನೆರೆದಿದ್ದ ಪ್ರೇಕ್ಷಕರನ್ನು ರಂಜಿಸಿದರು. ಕಾರ್ಯಕ್ರಮದ ಕೊನೆಯಲ್ಲಿ ಸಂಘದ ಅಧ್ಯಕ್ಷರಾದ ಬಸವಣ್ಣ ಪಾಟೀಲ್ ಜಿಡಗಾ ವಂದನಾರ್ಪಣೆ ಸಲ್ಲಿಸಿದರು. ಕಾರ್ಯಕ್ರಮದಲ್ಲಿ ಗಣ್ಯರು ಹಾಗೂ ಸ್ಥಳೀಯರು ಹೆಚ್ಚಿನ ಸಂಖ್ಯೆಯಲ್ಲಿ ಭಾಗವಹಿಸಿದ್ದರು.

ಜ್ಯೋತಿ ಕಾಲೋನಿಯಲ್ಲಿ ಅಂತರರಾಷ್ಟ್ರೀಯ ಮಹಿಳಾ ದಿನಾಚರಣೆ

ಕಾರ್ಯಕ್ರಮದ ಅಧ್ಯಕ್ಷತೆಯನ್ನು ಕಮಲಾದೇವಿ ಯಡಹಳ್ಳಿಮಠ್ ವಹಿಸಿದ್ದರು. ಕಲಬುರಗಿ ಮಹಾನಗರ ಪಾಲಿಕೆಯ ಸದಸ್ಯರಾದ ವೀರಣ್ಣ ಹೊನ್ನಳ್ಳಿ ಅವರ ವಿಶೇಷ ಸಹಕಾರ ಮತ್ತು ಮಾರ್ಗದರ್ಶನದಲ್ಲಿ ಕಾರ್ಯಕ್ರಮ ಯಶಸ್ವಿಯಾಗಿ ನೆರವೇರಿತು. ಅರುಣಾ ಅವರು ಕಾರ್ಯಕ್ರಮವನ್ನು ನಿರೂಪಣೆ ಮಾಡಿದರು. ರೇಣುಕಾ ಗುಡದ ಅವರು ವಂದನಾರ್ಪಣೆ ಸಲ್ಲಿಸಿದರು. ಜ್ಯೋತಿ ಕಾಲೋನಿಯ ನೂರಾರು ಮಹಿಳೆಯರು ಕಾರ್ಯಕ್ರಮದಲ್ಲಿ ಭಾಗವಹಿಸಿ ಮಹಿಳಾ ದಿನಾಚರಣೆಯನ್ನು ಸಂಭ್ರಮದಿಂದ ಆಚರಿಸಿದರು.

ಕಲಬುರಗಿ: ಮಾ.14:ನಗರದ ಸೇಡಂ ರಸ್ತೆಯಲ್ಲಿರುವ ಜ್ಯೋತಿ ಕಾಲೋನಿಯಲ್ಲಿ ಅಂತರರಾಷ್ಟ್ರೀಯ ಮಹಿಳಾ ದಿನಾಚರಣೆಯನ್ನು ಅತ್ಯಂತ ಸಂಭ್ರಮ ಹಾಗೂ ಸಡಗರದಿಂದ ಆಚರಿಸಲಾಯಿತು. ವಿವಿಧ ಕ್ಷೇತ್ರಗಳಲ್ಲಿ ಸಾಧನೆ ಮಾಡಿದ ಮಹಿಳೆಯರ ಸಮ್ಮುಖದಲ್ಲಿ ನಡೆದ ಕಾರ್ಯಕ್ರಮ ಸ್ತ್ರೀ ಶಕ್ತಿಯ ಮಹತ್ವವನ್ನು ಪ್ರತಿಬಿಂಬಿಸಿತು.

ಕಾರ್ಯಕ್ರಮವನ್ನು ಶಶಿಕಲಾ ವಿ. ಟೆಂಗಳಿ ಅವರು ಉದ್ಘಾಟಿಸಿದರು. ಮುಖ್ಯ ಅತಿಥಿಗಳಾಗಿ ಆಹಾರ ಇಲಾಖೆಯ ಸಹಾಯಕ ನಿರ್ದೇಶಕಿ ಸಾವಿತ್ರಿ ಚಿಡಗುಂಪಿ ಹಾಗೂ ರೇಶ್ಮಿ ಶಿಕ್ಷಣ ಸಂಸ್ಥೆಯ ಅಧ್ಯಕ್ಷರಾದ ಡಾ. ಭಾರತಿ ಎನ್. ರೇಷ್ಮಿ ಭಾಗವಹಿಸಿ ಕಾರ್ಯಕ್ರಮಕ್ಕೆ ಮೆರುಗು ತಂದರು.

ಅತಿಥಿಗಳಾಗಿ ಕೇಂದ್ರ ವಿಶ್ವವಿದ್ಯಾಲಯದ ವೈದ್ಯಾಧಿಕಾರಿ ಡಾ. ಜ್ಯೋತಿ ಎಸ್. ತೆಗನೂರು ಮತ್ತು ಸಂಚಾರಿ ಪೊಲೀಸ್ ಠಾಣೆ.2ರ ಉಪನಿರೀಕ್ಷಕಿ (ಪಿಎಸ್‌ಐ) ಸುಮಂಗಲಾ ಉಪಸ್ಥಿತರಿದ್ದು ಮಹಿಳಾ ಸಬಲೀಕರಣದ ಕುರಿತು ಪ್ರೇರಣಾದಾಯಕ ಮಾತುಗಳನ್ನಾಡಿದರು.

ಇದೇ ಸಂದರ್ಭದಲ್ಲಿ ಜ್ಯೋತಿ ಕಾಲೋನಿಯ ಹಿರಿಯ ಮಹಿಳೆಯರನ್ನು ಗುರುತಿಸಿ ಸನ್ಮಾನಿಸಿ ಗೌರವಿಸಲಾಯಿತು. ಹಿರಿಯರ ಅನುಭವ ಮತ್ತು ಮಾರ್ಗದರ್ಶನ ಯುವ ಪೀಳಿಗೆಗೆ ಅಗತ್ಯವಿದೆ ಎಂದು ಈ ವೇಳೆ ಅಭಿಪ್ರಾಯ ವ್ಯಕ್ತವಾಯಿತು.

ಸೇಡಂನಲ್ಲಿ ಲೋಕ ಅದಾಲತ್

ಸೇಡಂ, ಮಾ,14: ಪಟ್ಟಣದಲ್ಲಿರುವ ತಾಲೂಕಾ ನ್ಯಾಯಾಲಯಗಳ ಆವರಣದಲ್ಲಿಂದು ಲೋಕ ಅದಾಲತ ಏರ್ಪಡಿಸಲಾಗಿತ್ತು, ಗೌ, ನ್ಯಾಸಾಗರ ಗುರುಗೌಡ ಪಾಟೀಲ್ ಹಿರಿಯ ಸಿವಿಲ್ ನ್ಯಾಯಾಧೀಶರು ಮತ್ತು ಅಧ್ಯಕ್ಷರು ತಾಲೂಕ ಕಾನೂನು ಸೇವಾ ಸಮಿತಿ ಹಾಗೂ ಕಿರಿಯ ಶ್ರೇಣಿ ನ್ಯಾಯಾಧೀಶರಾದ ಬಾಲು ಜಾದವ್ ಅವರ ನೇತೃತ್ವದಲ್ಲಿ ಸಿವಿಲ್ ಪ್ರಕರಣಗಳು ಆಸ್ತಿ ವಿವಾದ, ಭೂಸ್ವಾಧೀನ ಪರಿಹಾರ, ಹಾಗೂ ಕೌಟುಂಬಿಕ ಕಲಹಗಳು ವಿಚ್ಛೇದನ, ಜೀವನಾಂಶದ ವಿವಾದಗಳು ಚೆಕ್ ಅಮಾನ್ಯ ಪ್ರಕರಣಗಳು ಸಂಚಾರ ನಿಯಮ ಉಲ್ಲಂಘನೆ ಸಂಚಾರಿ ಚಲನ್ ಅಥವಾ ದಂಡದ ಪ್ರಕರಣಗಳು ಬ್ಯಾಂಕ್ ಸಾಲ ಮರುಪಾವತಿ ಸಾಲದ ಮೊತ್ತದ ಮೇಲಿನ ರಿಯಾಯಿತಿಯೊಂದಿಗೆ ಸಂಧಾನ, ವಿದ್ಯುತ್ ಮತ್ತು ನೀರಿನ ಬಿಲ್ ಬಾಕಿ ಇರುವ ಬಿಲ್‌ಗಳ ವಿವಾದ ಸೇರಿದಂತೆ ಹಲವರು ಪ್ರಕರಣಗಳು ಇಂದು ಲೋಕ ಅದಾಲತ್ ಮೂಲಕ ರಾಜೀ ಸಂಧಾನದ ಮೂಲಕ ಇತ್ಯರ್ಥಪಡಿಸುತ್ತಿದ್ದರು.

ಇಫ್ತಾರ್ ಕೂಟದಲ್ಲಿ ಮಾಜಿ ಶಾಸಕ ಅಶೋಕ ಖೇಣಿ ಭಾಗಿ

ಸಂಜೆ ವಾಣಿ ವಾರ್ತೆ

ಚಿಟಗುಪ್ಪ:ಮಾ.14:ತಾಲ್ಲೂಕಿನ ಮನ್ನಾಎಖೇಳಿ ಗ್ರಾಮದಲ್ಲಿ ಮಾಜಿ ತಾಲ್ಲೂಕು ಪಂಚಾಯತ ಅಧ್ಯಕ್ಷ ಮಹಮ್ಮದ್ ನೂರೋದ್ದಿನ್ ಅವರು ಶುಕ್ರವಾರ ಸಂಜೆ ಆಯೋಜಿಸದ ಇಫ್ತಾರ್ ಕೂಟದಲ್ಲಿ ಮಾಜಿ ಶಾಸಕ ಅಶೋಕ ಖೇಣಿ ಭಾಗಿಯಾಗಿ ಹಣ್ಣು ಹಂಪಲು ಸೇವನೆ ಮಾಡಿದರು.

ಬಳಿಕ ಅಶೋಕ ಖೇಣಿ ಮಾತನಾಡಿ, ಹಿಂದೂ ಮುಸ್ಲಿಂ ಭೇದಭಾವವಿಲ್ಲದೆ ನಾವೆಲ್ಲರೂ ಸಹೋದರರು ಎಂಬ ಭ್ರಾತೃತ್ವ ಭಾವನೆಯಿಂದ ನೂರೋದ್ದಿನ್ ಅವರು ಪ್ರತಿವರ್ಷ ಇಫ್ತಾರ್ ಕೂಟ ಏರ್ಪಡಿಸುತ್ತಾರೆ. ಅವರ ಕಾರ್ಯ ಹೀಗೆ ಮುಂದುವರಿಯಲಿ ಎಂದು ಹೇಳಿದರು. ಈ ಸಂದರ್ಭದಲ್ಲಿ ಬಸವರಾಜ್ ಜಾಬಶೆಟ್ಟಿ, ಆನಂದ ದೇವಪ್ಪ, ಚಂದ್ರಶೇಖರ ಚನಶೆಟ್ಟಿ, ಮಹಮ್ಮದ್ ಫಿರೋಜ ಖಾನ್, ಮಹಮ್ಮದ್ ತನ್ವೀರ್, ಮಹಮ್ಮದ್ ನೂರೋದ್ದಿನ್, ಮಹಮ್ಮದ್ ಇಕ್ರಮೋದ್ದಿನ್, ಗ್ರಾಮಪಂಚಾಯತ್ ಮಾಜಿ ಅಧ್ಯಕ್ಷ ರಾಜಕುಮಾರ ಅಗಸಿ, ಹಿರಿಯ ಮುಖಂಡ ಯೂಸುಫ್ ಅಲಿ ಜಮಾದಾರ, ಮಾಜಿ ಗ್ರಾಮ ಪಂಚಾಯತ್ ಅಧ್ಯಕ್ಷ ಸಂತೋಷ ಹಳ್ಳಿಖೇಡ, ಮಾಜಿ ಗ್ರಾಮ ಪಂಚಾಯತ್ ಸದಸ್ಯ ಮಹಮ್ಮದ್ ಖುದ್ದುಸ್, ಸಂತೋಷ ಕಮಲಪುರ, ಬಕ್ಕಪ್ಪ ಬಸರೆಡ್ಡಿ, ಎಂ ಎ ಜಬ್ಬಾರ್, ಮಹಮ್ಮದ್ ಇಮ್ರಾನ್, ಉದ್ಯಮಿ ದತ್ತು ರಾಸೂರ್, ಬಸಿರ ಬಗದಲ್ ಸೇರಿ ಅನೇಕರು ಇದ್ದರು.
